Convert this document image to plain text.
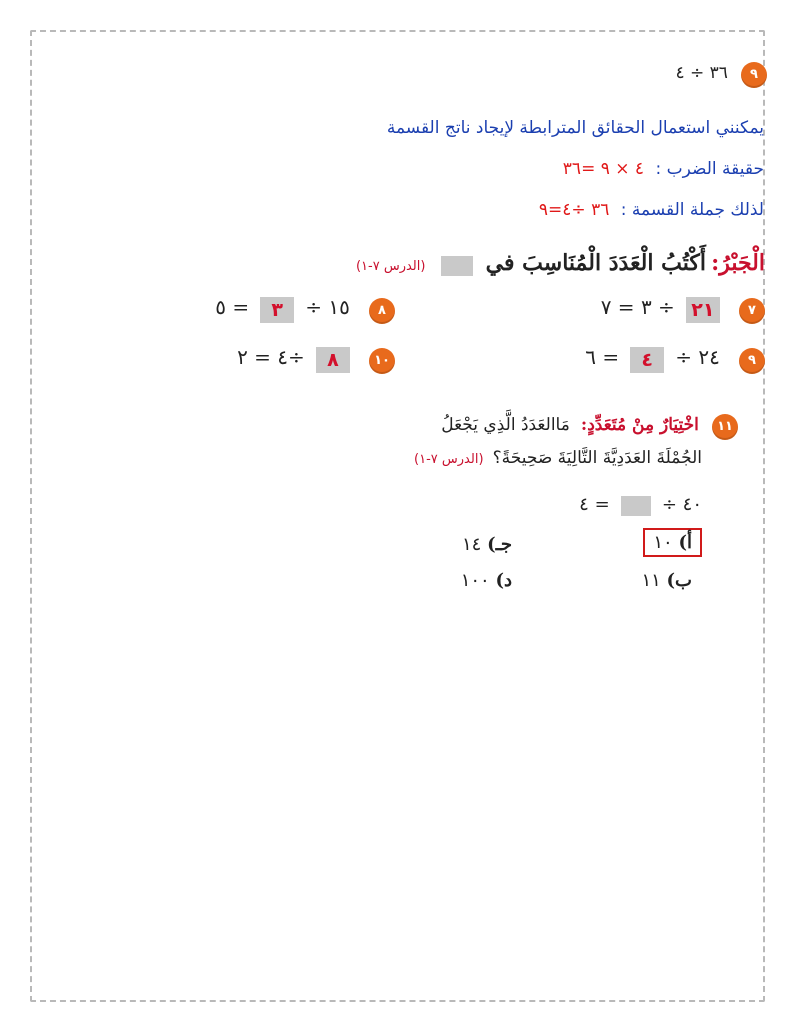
٩ ٣٦ ÷ ٤
يمكنني استعمال الحقائق المترابطة لإيجاد ناتج القسمة
حقيقة الضرب : ٤ × ٩ =٣٦
لذلك جملة القسمة : ٣٦ ÷٤=٩
الْجَبْرُ: أَكْتُبُ الْعَدَدَ الْمُنَاسِبَ في  (الدرس ٧-١)
٧ ٢١ ÷ ٣ = ٧
٨ ١٥ ÷ ٣ = ٥
٩ ٢٤ ÷ ٤ = ٦
١٠ ٨ ÷٤ = ٢
١١ اخْتِيَارٌ مِنْ مُتَعَدِّدٍ: مَاالعَدَدُ الَّذِي يَجْعَلُ
الجُمْلَةَ العَدَدِيَّةَ التَّالِيَةَ صَحِيحَةً؟ (الدرس ٧-١)
٤٠ ÷  = ٤
أ) ١٠
جـ) ١٤
ب) ١١
د) ١٠٠
